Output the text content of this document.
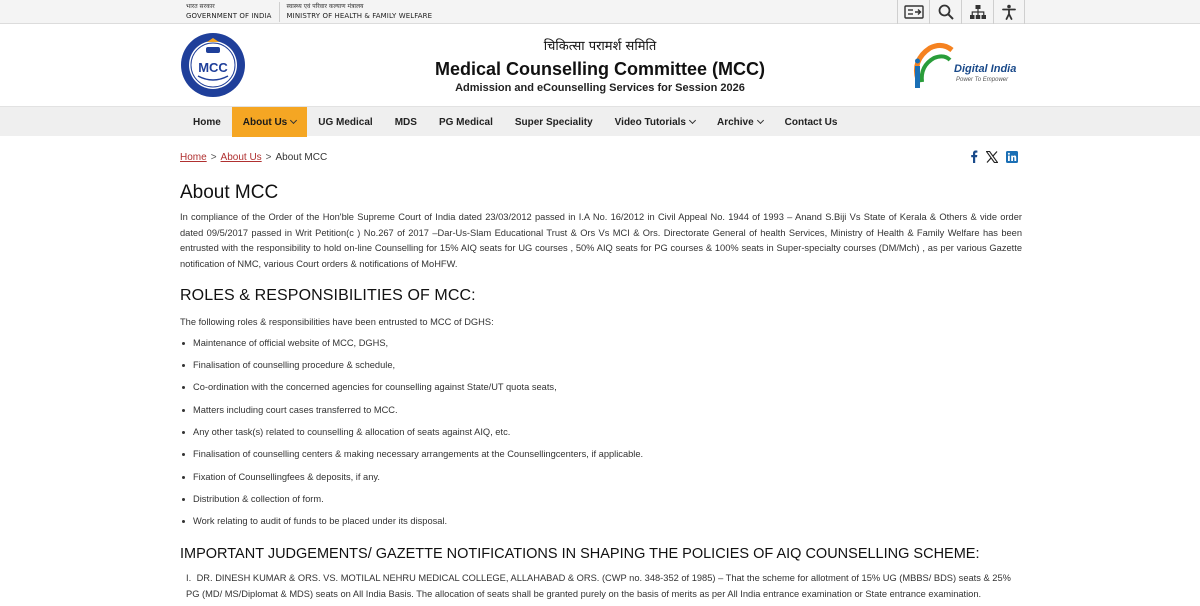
भारत सरकार
GOVERNMENT OF INDIA
स्वास्थ्य एवं परिवार कल्याण मंत्रालय
MINISTRY OF HEALTH & FAMILY WELFARE
MCC
चिकित्सा परामर्श समिति
Medical Counselling Committee (MCC)
Admission and eCounselling Services for Session 2026
Digital India
Power To Empower
Home About Us	UG Medical MDS PG Medical Super Speciality Video Tutorials	Archive	Contact Us
Home > About Us > About MCC
About MCC

In compliance of the Order of the Hon'ble Supreme Court of India dated 23/03/2012 passed in I.A No. 16/2012 in Civil Appeal No. 1944 of 1993 – Anand S.Biji Vs State of Kerala & Others & vide order dated 09/5/2017 passed in Writ Petition(c ) No.267 of 2017 –Dar-Us-Slam Educational Trust & Ors Vs MCI & Ors. Directorate General of health Services, Ministry of Health & Family Welfare has been entrusted with the responsibility to hold on-line Counselling for 15% AIQ seats for UG courses , 50% AIQ seats for PG courses & 100% seats in Super-specialty courses (DM/Mch) , as per various Gazette notification of NMC, various Court orders & notifications of MoHFW.

ROLES & RESPONSIBILITIES OF MCC:

The following roles & responsibilities have been entrusted to MCC of DGHS:

Maintenance of official website of MCC, DGHS,
Finalisation of counselling procedure & schedule,
Co-ordination with the concerned agencies for counselling against State/UT quota seats,
Matters including court cases transferred to MCC.
Any other task(s) related to counselling & allocation of seats against AIQ, etc.
Finalisation of counselling centers & making necessary arrangements at the Counsellingcenters, if applicable.
Fixation of Counsellingfees & deposits, if any.
Distribution & collection of form.
Work relating to audit of funds to be placed under its disposal.
IMPORTANT JUDGEMENTS/ GAZETTE NOTIFICATIONS IN SHAPING THE POLICIES OF AIQ COUNSELLING SCHEME:
I. DR. DINESH KUMAR & ORS. VS. MOTILAL NEHRU MEDICAL COLLEGE, ALLAHABAD & ORS. (CWP no. 348-352 of 1985) – That the scheme for allotment of 15% UG (MBBS/ BDS) seats & 25% PG (MD/ MS/Diplomat & MDS) seats on All India Basis. The allocation of seats shall be granted purely on the basis of merits as per All India entrance examination or State entrance examination.
